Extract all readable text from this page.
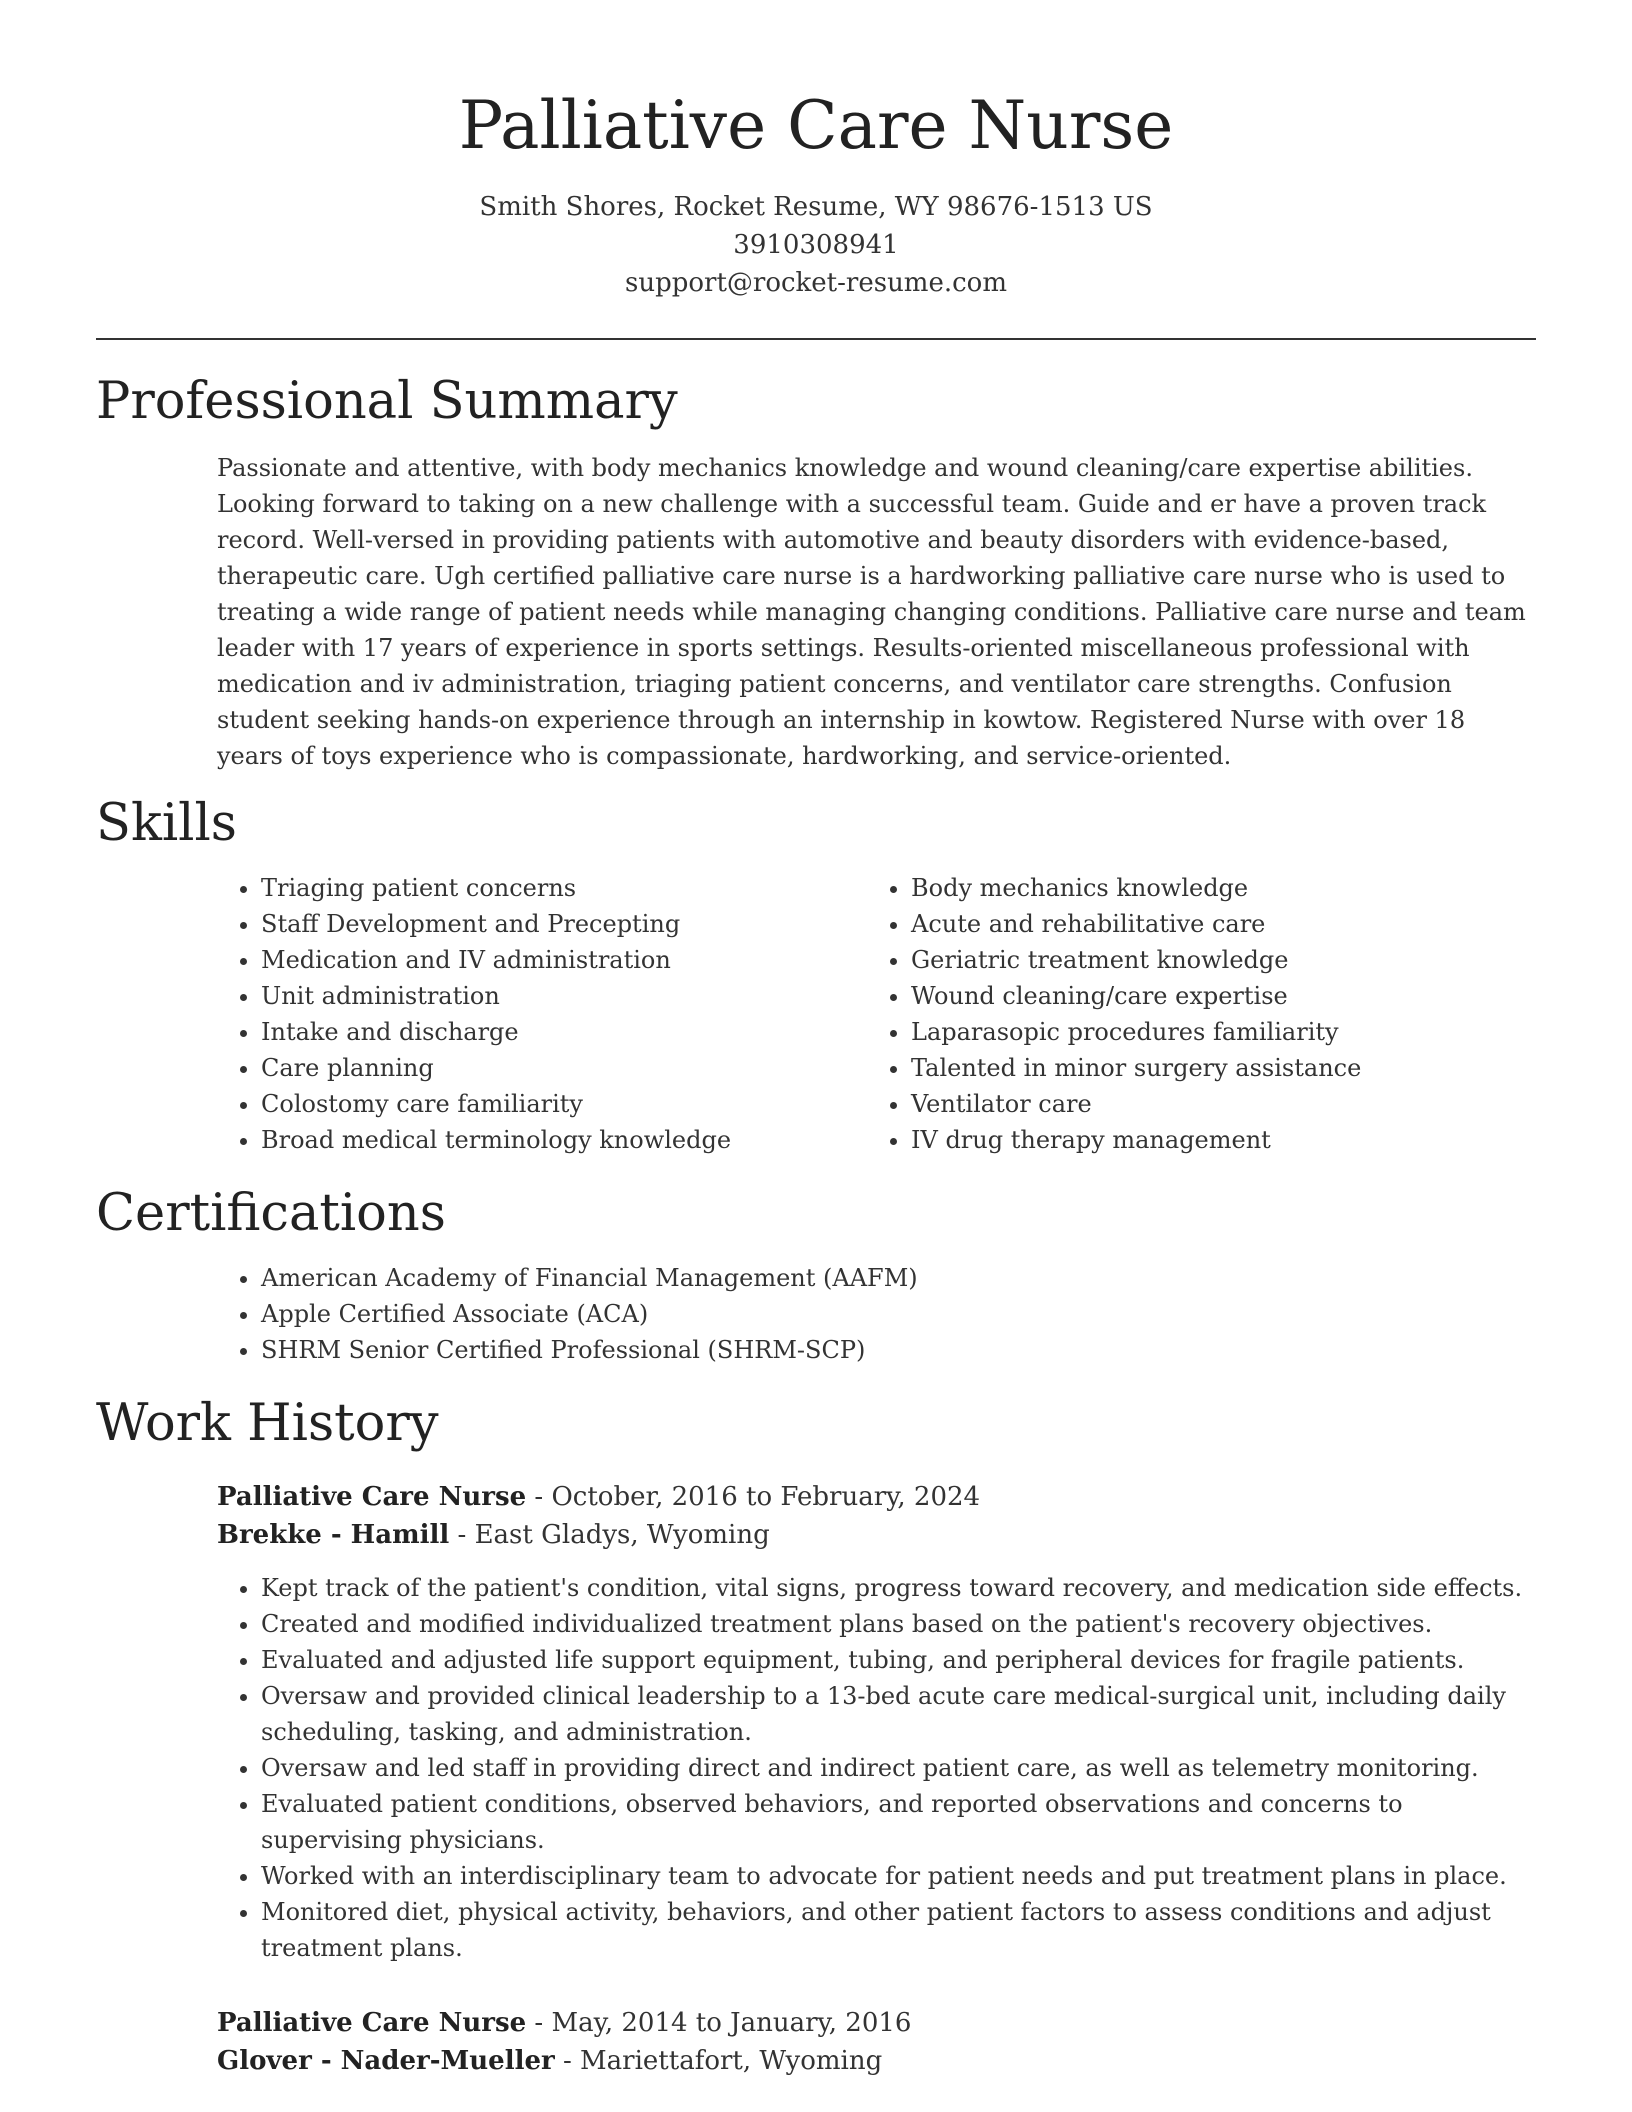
Palliative Care Nurse
Smith Shores, Rocket Resume, WY 98676-1513 US
3910308941
support@rocket-resume.com
Professional Summary
Passionate and attentive, with body mechanics knowledge and wound cleaning/care expertise abilities. Looking forward to taking on a new challenge with a successful team. Guide and er have a proven track record. Well-versed in providing patients with automotive and beauty disorders with evidence-based, therapeutic care. Ugh certified palliative care nurse is a hardworking palliative care nurse who is used to treating a wide range of patient needs while managing changing conditions. Palliative care nurse and team leader with 17 years of experience in sports settings. Results-oriented miscellaneous professional with medication and iv administration, triaging patient concerns, and ventilator care strengths. Confusion student seeking hands-on experience through an internship in kowtow. Registered Nurse with over 18 years of toys experience who is compassionate, hardworking, and service-oriented.
Skills
• Triaging patient concerns
• Staff Development and Precepting
• Medication and IV administration
• Unit administration
• Intake and discharge
• Care planning
• Colostomy care familiarity
• Broad medical terminology knowledge
• Body mechanics knowledge
• Acute and rehabilitative care
• Geriatric treatment knowledge
• Wound cleaning/care expertise
• Laparasopic procedures familiarity
• Talented in minor surgery assistance
• Ventilator care
• IV drug therapy management
Certifications
• American Academy of Financial Management (AAFM)
• Apple Certified Associate (ACA)
• SHRM Senior Certified Professional (SHRM-SCP)
Work History
Palliative Care Nurse - October, 2016 to February, 2024
Brekke - Hamill - East Gladys, Wyoming
• Kept track of the patient's condition, vital signs, progress toward recovery, and medication side effects.
• Created and modified individualized treatment plans based on the patient's recovery objectives.
• Evaluated and adjusted life support equipment, tubing, and peripheral devices for fragile patients.
• Oversaw and provided clinical leadership to a 13-bed acute care medical-surgical unit, including daily scheduling, tasking, and administration.
• Oversaw and led staff in providing direct and indirect patient care, as well as telemetry monitoring.
• Evaluated patient conditions, observed behaviors, and reported observations and concerns to supervising physicians.
• Worked with an interdisciplinary team to advocate for patient needs and put treatment plans in place.
• Monitored diet, physical activity, behaviors, and other patient factors to assess conditions and adjust treatment plans.
Palliative Care Nurse - May, 2014 to January, 2016
Glover - Nader-Mueller - Mariettafort, Wyoming
